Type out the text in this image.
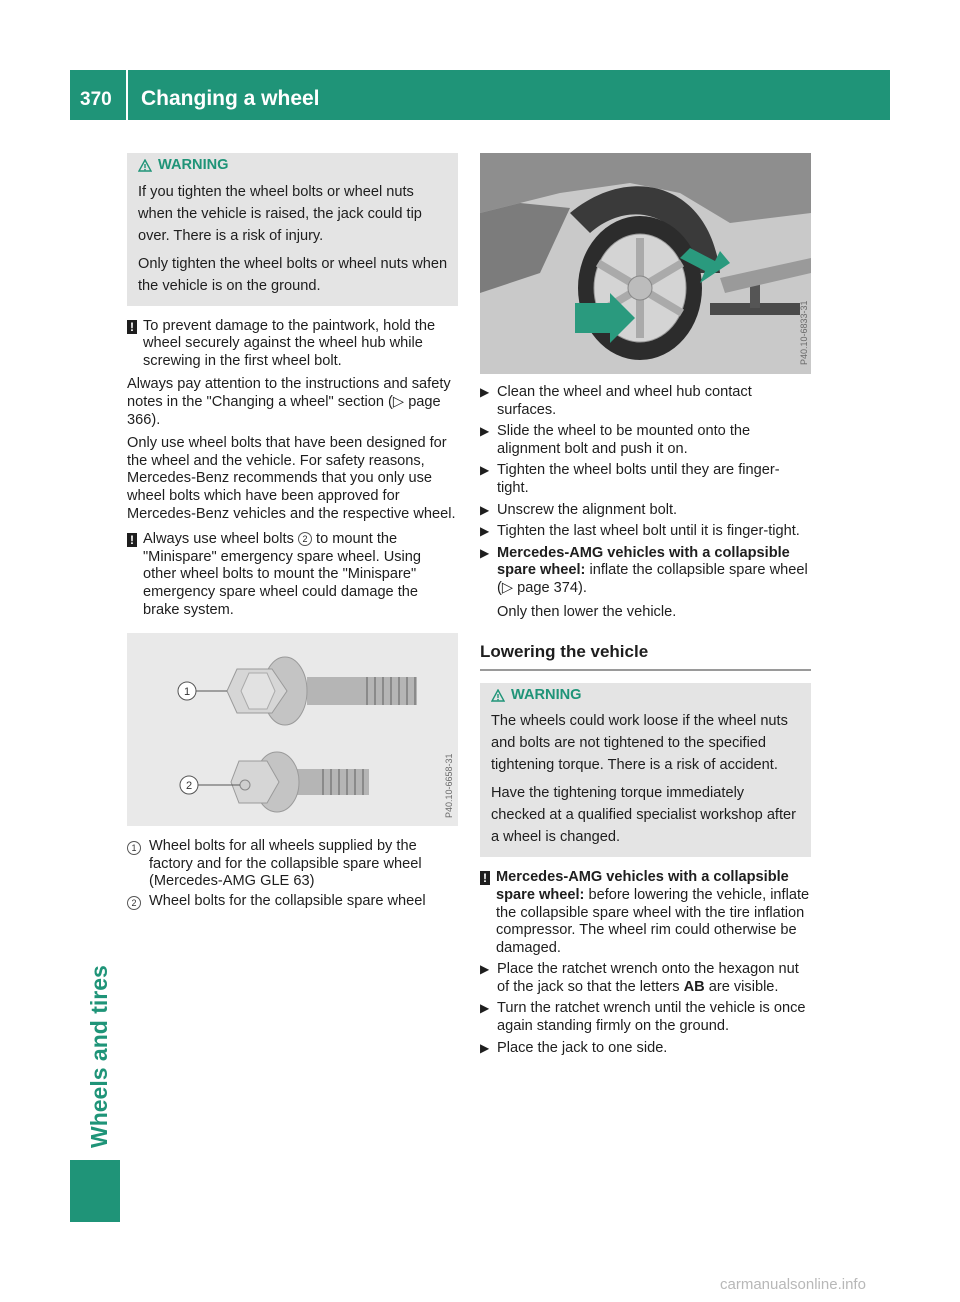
370 Changing a wheel
Wheels and tires
WARNING

If you tighten the wheel bolts or wheel nuts when the vehicle is raised, the jack could tip over. There is a risk of injury.

Only tighten the wheel bolts or wheel nuts when the vehicle is on the ground.

! To prevent damage to the paintwork, hold the wheel securely against the wheel hub while screwing in the first wheel bolt.

Always pay attention to the instructions and safety notes in the "Changing a wheel" section (▷ page 366).

Only use wheel bolts that have been designed for the wheel and the vehicle. For safety reasons, Mercedes-Benz recommends that you only use wheel bolts which have been approved for Mercedes-Benz vehicles and the respective wheel.

! Always use wheel bolts 2 to mount the "Minispare" emergency spare wheel. Using other wheel bolts to mount the "Minispare" emergency spare wheel could damage the brake system.
1
2	P40.10-6658-31
1 Wheel bolts for all wheels supplied by the factory and for the collapsible spare wheel (Mercedes-AMG GLE 63)
2 Wheel bolts for the collapsible spare wheel
P40.10-6833-31
▶ Clean the wheel and wheel hub contact surfaces.
▶ Slide the wheel to be mounted onto the alignment bolt and push it on.
▶ Tighten the wheel bolts until they are finger-tight.
▶ Unscrew the alignment bolt.
▶ Tighten the last wheel bolt until it is finger-tight.
▶ Mercedes-AMG vehicles with a collapsible spare wheel: inflate the collapsible spare wheel (▷ page 374).
Only then lower the vehicle.
Lowering the vehicle
WARNING

The wheels could work loose if the wheel nuts and bolts are not tightened to the specified tightening torque. There is a risk of accident.

Have the tightening torque immediately checked at a qualified specialist workshop after a wheel is changed.

! Mercedes-AMG vehicles with a collapsible spare wheel: before lowering the vehicle, inflate the collapsible spare wheel with the tire inflation compressor. The wheel rim could otherwise be damaged.
▶ Place the ratchet wrench onto the hexagon nut of the jack so that the letters AB are visible.
▶ Turn the ratchet wrench until the vehicle is once again standing firmly on the ground.
▶ Place the jack to one side.
carmanualsonline.info
